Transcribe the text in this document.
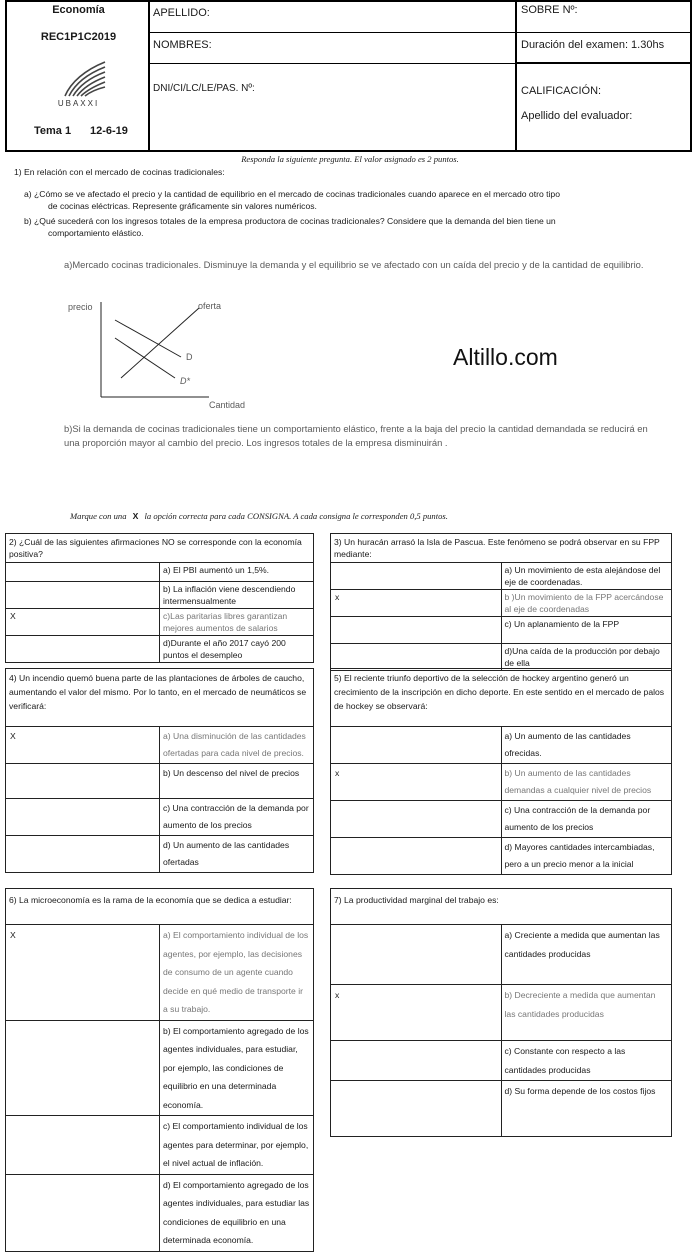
Economía
REC1P1C2019
UBAXXI
Tema 1 12-6-19
APELLIDO:
NOMBRES:
DNI/CI/LC/LE/PAS. Nº:
SOBRE Nº:
Duración del examen: 1.30hs
CALIFICACIÓN:
Apellido del evaluador:
Responda la siguiente pregunta. El valor asignado es 2 puntos.
1) En relación con el mercado de cocinas tradicionales:
a) ¿Cómo se ve afectado el precio y la cantidad de equilibrio en el mercado de cocinas tradicionales cuando aparece en el mercado otro tipo
de cocinas eléctricas. Represente gráficamente sin valores numéricos.
b) ¿Qué sucederá con los ingresos totales de la empresa productora de cocinas tradicionales? Considere que la demanda del bien tiene un
comportamiento elástico.
a)Mercado cocinas tradicionales. Disminuye la demanda y el equilibrio se ve afectado con un caída del precio y de la cantidad de equilibrio.
precio	oferta
D
D*
Cantidad
Altillo.com
b)Si la demanda de cocinas tradicionales tiene un comportamiento elástico, frente a la baja del precio la cantidad demandada se reducirá en una proporción mayor al cambio del precio. Los ingresos totales de la empresa disminuirán .
Marque con una X la opción correcta para cada CONSIGNA. A cada consigna le corresponden 0,5 puntos.
2) ¿Cuál de las siguientes afirmaciones NO se corresponde con la economía positiva?	
	a) El PBI aumentó un 1,5%.
	b) La inflación viene descendiendo intermensualmente
X	c)Las paritarias libres garantizan mejores aumentos de salarios
	d)Durante el año 2017 cayó 200 puntos el desempleo
3) Un huracán arrasó la Isla de Pascua. Este fenómeno se podrá observar en su FPP mediante:	
	a) Un movimiento de esta alejándose del eje de coordenadas.
x	b )Un movimiento de la FPP acercándose al eje de coordenadas
	c) Un aplanamiento de la FPP
	d)Una caída de la producción por debajo de ella
4) Un incendio quemó buena parte de las plantaciones de árboles de caucho, aumentando el valor del mismo. Por lo tanto, en el mercado de neumáticos se verificará:	
X	a) Una disminución de las cantidades ofertadas para cada nivel de precios.
	b) Un descenso del nivel de precios
	c) Una contracción de la demanda por aumento de los precios
	d) Un aumento de las cantidades ofertadas
5) El reciente triunfo deportivo de la selección de hockey argentino generó un crecimiento de la inscripción en dicho deporte. En este sentido en el mercado de palos de hockey se observará:	
	a) Un aumento de las cantidades ofrecidas.
x	b) Un aumento de las cantidades demandas a cualquier nivel de precios
	c) Una contracción de la demanda por aumento de los precios
	d) Mayores cantidades intercambiadas, pero a un precio menor a la inicial
6) La microeconomía es la rama de la economía que se dedica a estudiar:	
X	a) El comportamiento individual de los agentes, por ejemplo, las decisiones de consumo de un agente cuando decide en qué medio de transporte ir a su trabajo.
	b) El comportamiento agregado de los agentes individuales, para estudiar, por ejemplo, las condiciones de equilibrio en una determinada economía.
	c) El comportamiento individual de los agentes para determinar, por ejemplo, el nivel actual de inflación.
	d) El comportamiento agregado de los agentes individuales, para estudiar las condiciones de equilibrio en una determinada economía.
7) La productividad marginal del trabajo es:	
	a) Creciente a medida que aumentan las cantidades producidas
x	b) Decreciente a medida que aumentan las cantidades producidas
	c) Constante con respecto a las cantidades producidas
	d) Su forma depende de los costos fijos
